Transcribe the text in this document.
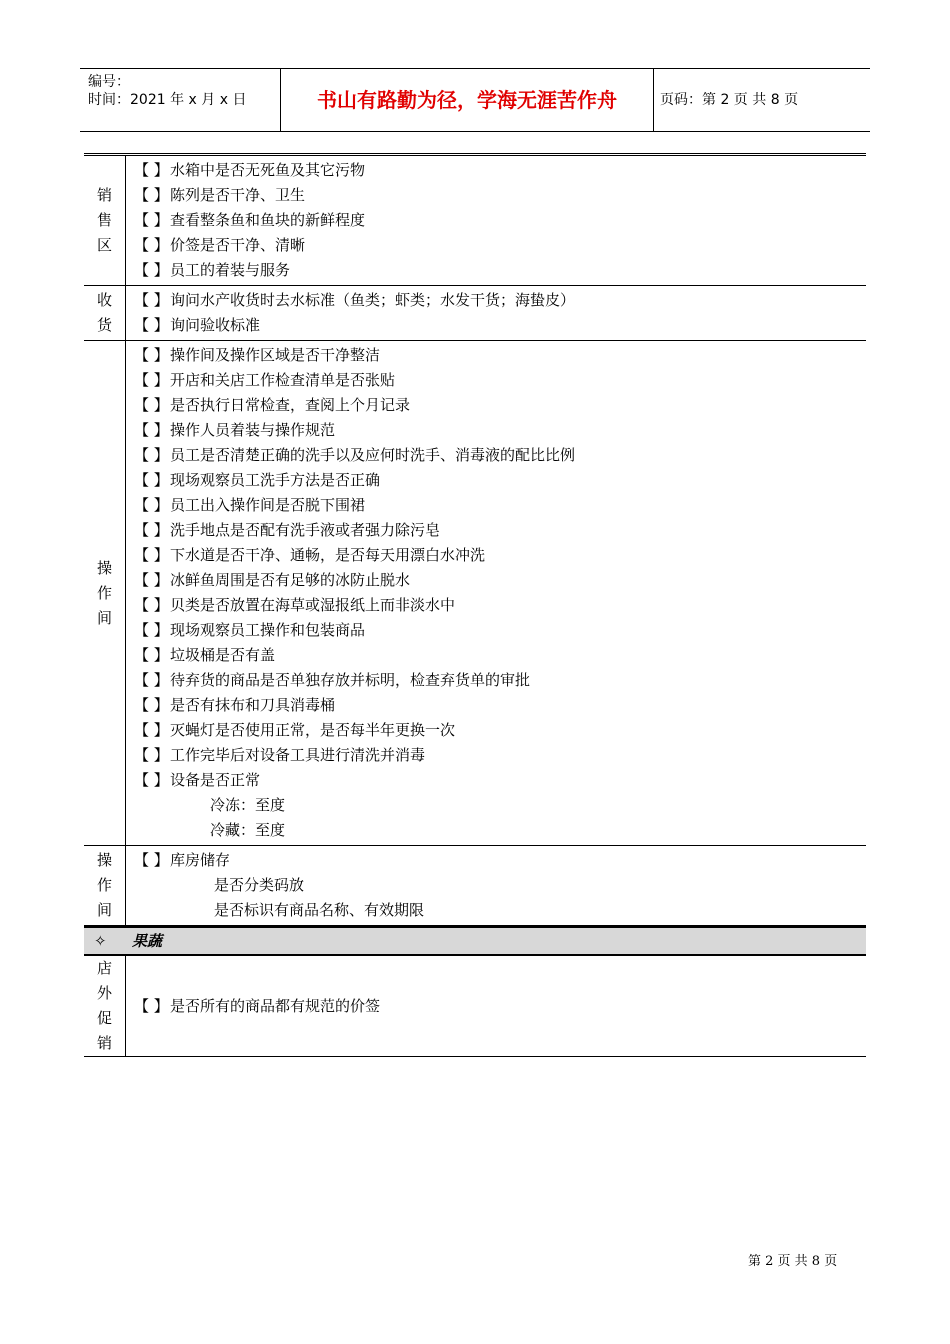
编号：
时间：2021 年 x 月 x 日	书山有路勤为径，学海无涯苦作舟	页码：第 2 页 共 8 页
销
售
区
【 】水箱中是否无死鱼及其它污物
【 】陈列是否干净、卫生
【 】查看整条鱼和鱼块的新鲜程度
【 】价签是否干净、清晰
【 】员工的着装与服务
收
货
【 】询问水产收货时去水标准（鱼类；虾类；水发干货；海蛰皮）
【 】询问验收标准
操
作
间
【 】操作间及操作区域是否干净整洁
【 】开店和关店工作检查清单是否张贴
【 】是否执行日常检查，查阅上个月记录
【 】操作人员着装与操作规范
【 】员工是否清楚正确的洗手以及应何时洗手、消毒液的配比比例
【 】现场观察员工洗手方法是否正确
【 】员工出入操作间是否脱下围裙
【 】洗手地点是否配有洗手液或者强力除污皂
【 】下水道是否干净、通畅，是否每天用漂白水冲洗
【 】冰鲜鱼周围是否有足够的冰防止脱水
【 】贝类是否放置在海草或湿报纸上而非淡水中
【 】现场观察员工操作和包装商品
【 】垃圾桶是否有盖
【 】待弃货的商品是否单独存放并标明，检查弃货单的审批
【 】是否有抹布和刀具消毒桶
【 】灭蝇灯是否使用正常，是否每半年更换一次
【 】工作完毕后对设备工具进行清洗并消毒
【 】设备是否正常
冷冻：至度
冷藏：至度
操
作
间
【 】库房储存
是否分类码放
是否标识有商品名称、有效期限
✧ 果蔬
店
外
促
销
【 】是否所有的商品都有规范的价签
第 2 页 共 8 页
